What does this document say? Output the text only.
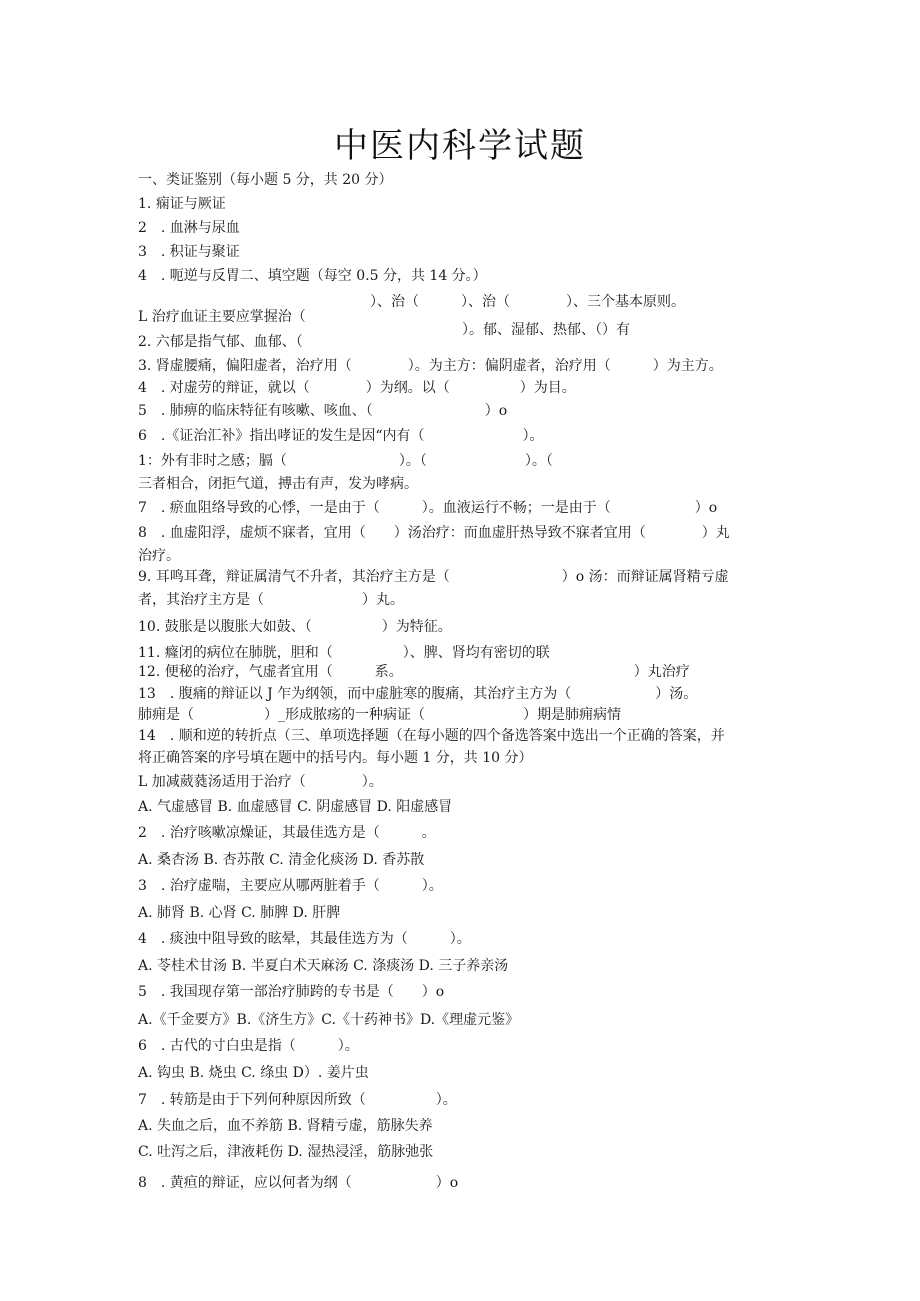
中医内科学试题
一、类证鉴别（每小题 5 分，共 20 分）
1. 痫证与厥证
2　. 血淋与尿血
3　. 积证与聚证
4　. 呃逆与反胃二、填空题（每空 0.5 分，共 14 分。）
）、治（　　　）、治（　　　　）、三个基本原则。
L 治疗血证主要应掌握治（
）。郁、湿郁、热郁、（）有
2. 六郁是指气郁、血郁、（
3. 肾虚腰痛，偏阳虚者，治疗用（　　　　）。为主方：偏阴虚者，治疗用（　　　）为主方。
4　. 对虚劳的辩证，就以（　　　　）为纲。以（　　　　　）为目。
5　. 肺痹的临床特征有咳嗽、咳血、（　　　　　　　　）o
6　.《证治汇补》指出哮证的发生是因“内有（　　　　　　　）。
1：外有非时之感；膈（　　　　　　　　）。（　　　　　　　）。（
三者相合，闭拒气道，搏击有声，发为哮病。
7　. 瘀血阻络导致的心悸，一是由于（　　　）。血液运行不畅；一是由于（　　　　　　）o
8　. 血虚阳浮，虚烦不寐者，宜用（　　）汤治疗：而血虚肝热导致不寐者宜用（　　　　）丸
治疗。
9. 耳鸣耳聋，辩证属清气不升者，其治疗主方是（　　　　　　　　）o 汤：而辩证属肾精亏虚
者，其治疗主方是（　　　　　　　）丸。
10. 鼓胀是以腹胀大如鼓、（　　　　　）为特征。
11. 癃闭的病位在肺胱，胆和（　　　　　）、脾、肾均有密切的联
12. 便秘的治疗，气虚者宜用（　　　系。　　　　　　　　　　　　　　　　　）丸治疗
13　. 腹痛的辩证以 J 乍为纲领，而中虚脏寒的腹痛，其治疗主方为（　　　　　　）汤。
肺痈是（　　　　　）_形成脓疡的一种病证（　　　　　　　）期是肺痈病情
14　. 顺和逆的转折点（三、单项选择题（在每小题的四个备选答案中选出一个正确的答案，并
将正确答案的序号填在题中的括号内。每小题 1 分，共 10 分）
L 加减葳蕤汤适用于治疗（　　　　）。
A. 气虚感冒 B. 血虚感冒 C. 阴虚感冒 D. 阳虚感冒
2　. 治疗咳嗽凉燥证，其最佳选方是（　　　。
A. 桑杏汤 B. 杏苏散 C. 清金化痰汤 D. 香苏散
3　. 治疗虚喘，主要应从哪两脏着手（　　　）。
A. 肺肾 B. 心肾 C. 肺脾 D. 肝脾
4　. 痰浊中阻导致的眩晕，其最佳选方为（　　　）。
A. 苓桂术甘汤 B. 半夏白术天麻汤 C. 涤痰汤 D. 三子养亲汤
5　. 我国现存第一部治疗肺跨的专书是（　　）o
A.《千金要方》B.《济生方》C.《十药神书》D.《理虚元鉴》
6　. 古代的寸白虫是指（　　　）。
A. 钩虫 B. 烧虫 C. 绦虫 D）. 姜片虫
7　. 转筋是由于下列何种原因所致（　　　　　）。
A. 失血之后，血不养筋 B. 肾精亏虚，筋脉失养
C. 吐泻之后，津液耗伤 D. 湿热浸淫，筋脉弛张
8　. 黄疸的辩证，应以何者为纲（　　　　　　）o
